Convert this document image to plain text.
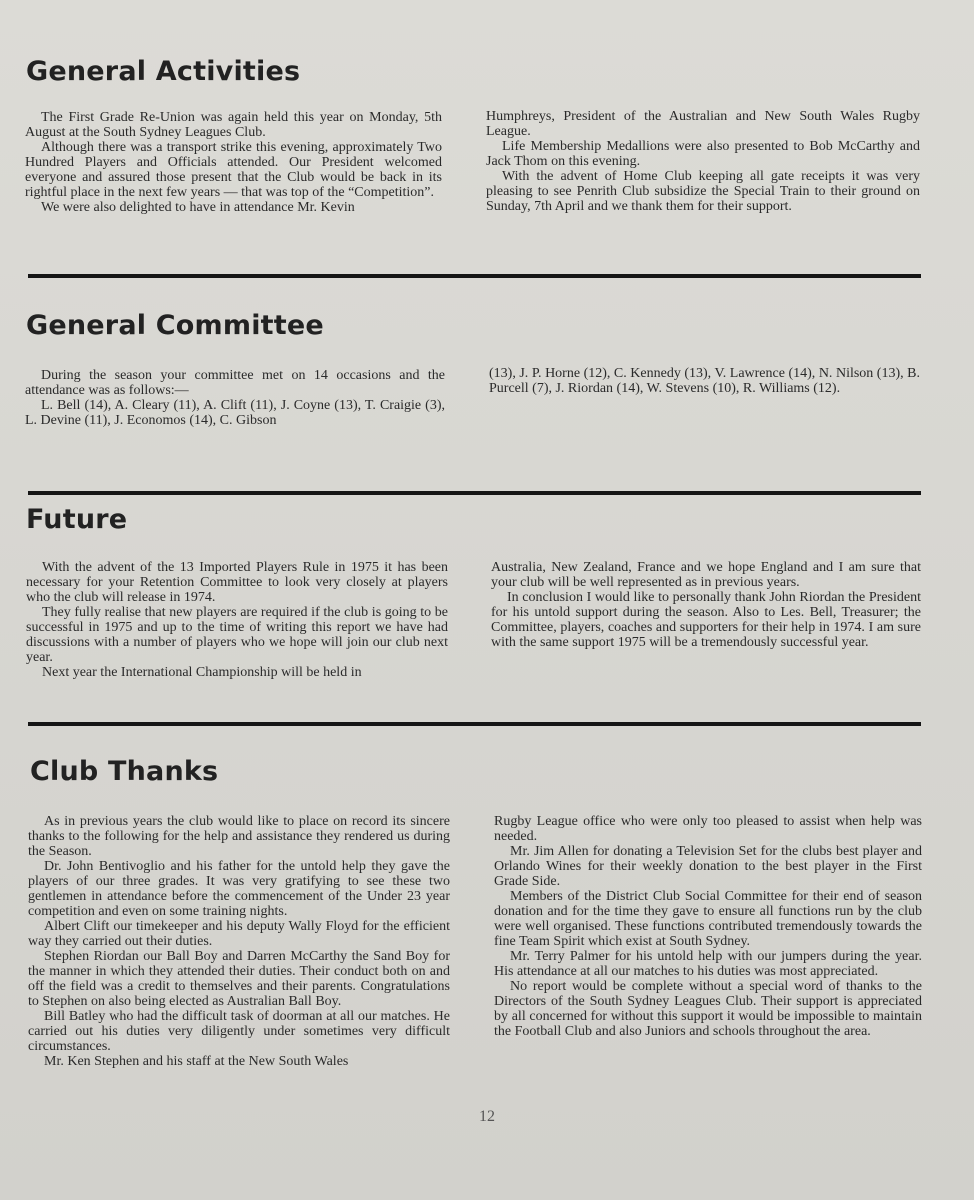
General Activities

The First Grade Re-Union was again held this year on Monday, 5th August at the South Sydney Leagues Club.

Although there was a transport strike this evening, approximately Two Hundred Players and Officials attended. Our President welcomed everyone and assured those present that the Club would be back in its rightful place in the next few years — that was top of the “Competition”.

We were also delighted to have in attendance Mr. Kevin

Humphreys, President of the Australian and New South Wales Rugby League.

Life Membership Medallions were also presented to Bob McCarthy and Jack Thom on this evening.

With the advent of Home Club keeping all gate receipts it was very pleasing to see Penrith Club subsidize the Special Train to their ground on Sunday, 7th April and we thank them for their support.

General Committee

During the season your committee met on 14 occasions and the attendance was as follows:—

L. Bell (14), A. Cleary (11), A. Clift (11), J. Coyne (13), T. Craigie (3), L. Devine (11), J. Economos (14), C. Gibson

(13), J. P. Horne (12), C. Kennedy (13), V. Lawrence (14), N. Nilson (13), B. Purcell (7), J. Riordan (14), W. Stevens (10), R. Williams (12).

Future

With the advent of the 13 Imported Players Rule in 1975 it has been necessary for your Retention Committee to look very closely at players who the club will release in 1974.

They fully realise that new players are required if the club is going to be successful in 1975 and up to the time of writing this report we have had discussions with a number of players who we hope will join our club next year.

Next year the International Championship will be held in

Australia, New Zealand, France and we hope England and I am sure that your club will be well represented as in previous years.

In conclusion I would like to personally thank John Riordan the President for his untold support during the season. Also to Les. Bell, Treasurer; the Committee, players, coaches and supporters for their help in 1974. I am sure with the same support 1975 will be a tremendously successful year.

Club Thanks

As in previous years the club would like to place on record its sincere thanks to the following for the help and assistance they rendered us during the Season.

Dr. John Bentivoglio and his father for the untold help they gave the players of our three grades. It was very gratifying to see these two gentlemen in attendance before the commencement of the Under 23 year competition and even on some training nights.

Albert Clift our timekeeper and his deputy Wally Floyd for the efficient way they carried out their duties.

Stephen Riordan our Ball Boy and Darren McCarthy the Sand Boy for the manner in which they attended their duties. Their conduct both on and off the field was a credit to themselves and their parents. Congratulations to Stephen on also being elected as Australian Ball Boy.

Bill Batley who had the difficult task of doorman at all our matches. He carried out his duties very diligently under sometimes very difficult circumstances.

Mr. Ken Stephen and his staff at the New South Wales

Rugby League office who were only too pleased to assist when help was needed.

Mr. Jim Allen for donating a Television Set for the clubs best player and Orlando Wines for their weekly donation to the best player in the First Grade Side.

Members of the District Club Social Committee for their end of season donation and for the time they gave to ensure all functions run by the club were well organised. These functions contributed tremendously towards the fine Team Spirit which exist at South Sydney.

Mr. Terry Palmer for his untold help with our jumpers during the year. His attendance at all our matches to his duties was most appreciated.

No report would be complete without a special word of thanks to the Directors of the South Sydney Leagues Club. Their support is appreciated by all concerned for without this support it would be impossible to maintain the Football Club and also Juniors and schools throughout the area.

12
